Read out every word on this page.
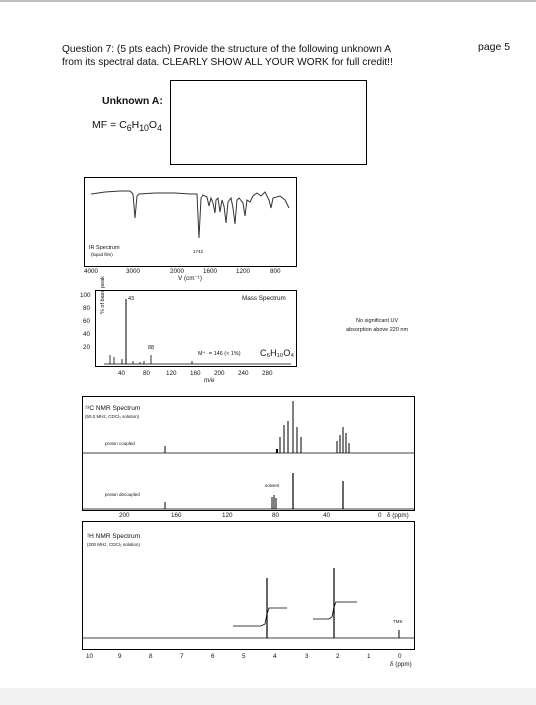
page 5
Question 7: (5 pts each) Provide the structure of the following unknown A
from its spectral data. CLEARLY SHOW ALL YOUR WORK for full credit!!
Unknown A:
MF = $C_6H_{10}O_4$
IR Spectrum
(liquid film)
1742
4000	3000	2000	1600	1200	800
V (cm⁻¹)
43
88
Mass Spectrum
M⁺· = 146 (< 1%) C₆H₁₀O₄
% of base peak
100
80
60
40
20
40	80	120 160 200 240 280
m/e
No significant UV
absorption above 220 nm
¹³C NMR Spectrum
(50.0 MHz, CDCl₃ solution)
proton coupled
proton decoupled
solvent
200	160	120	80	40	0 δ (ppm)
¹H NMR Spectrum
(200 MHz, CDCl₃ solution)
TMS
10	9	8	7	6	5	4	3	2	1	0
δ (ppm)
